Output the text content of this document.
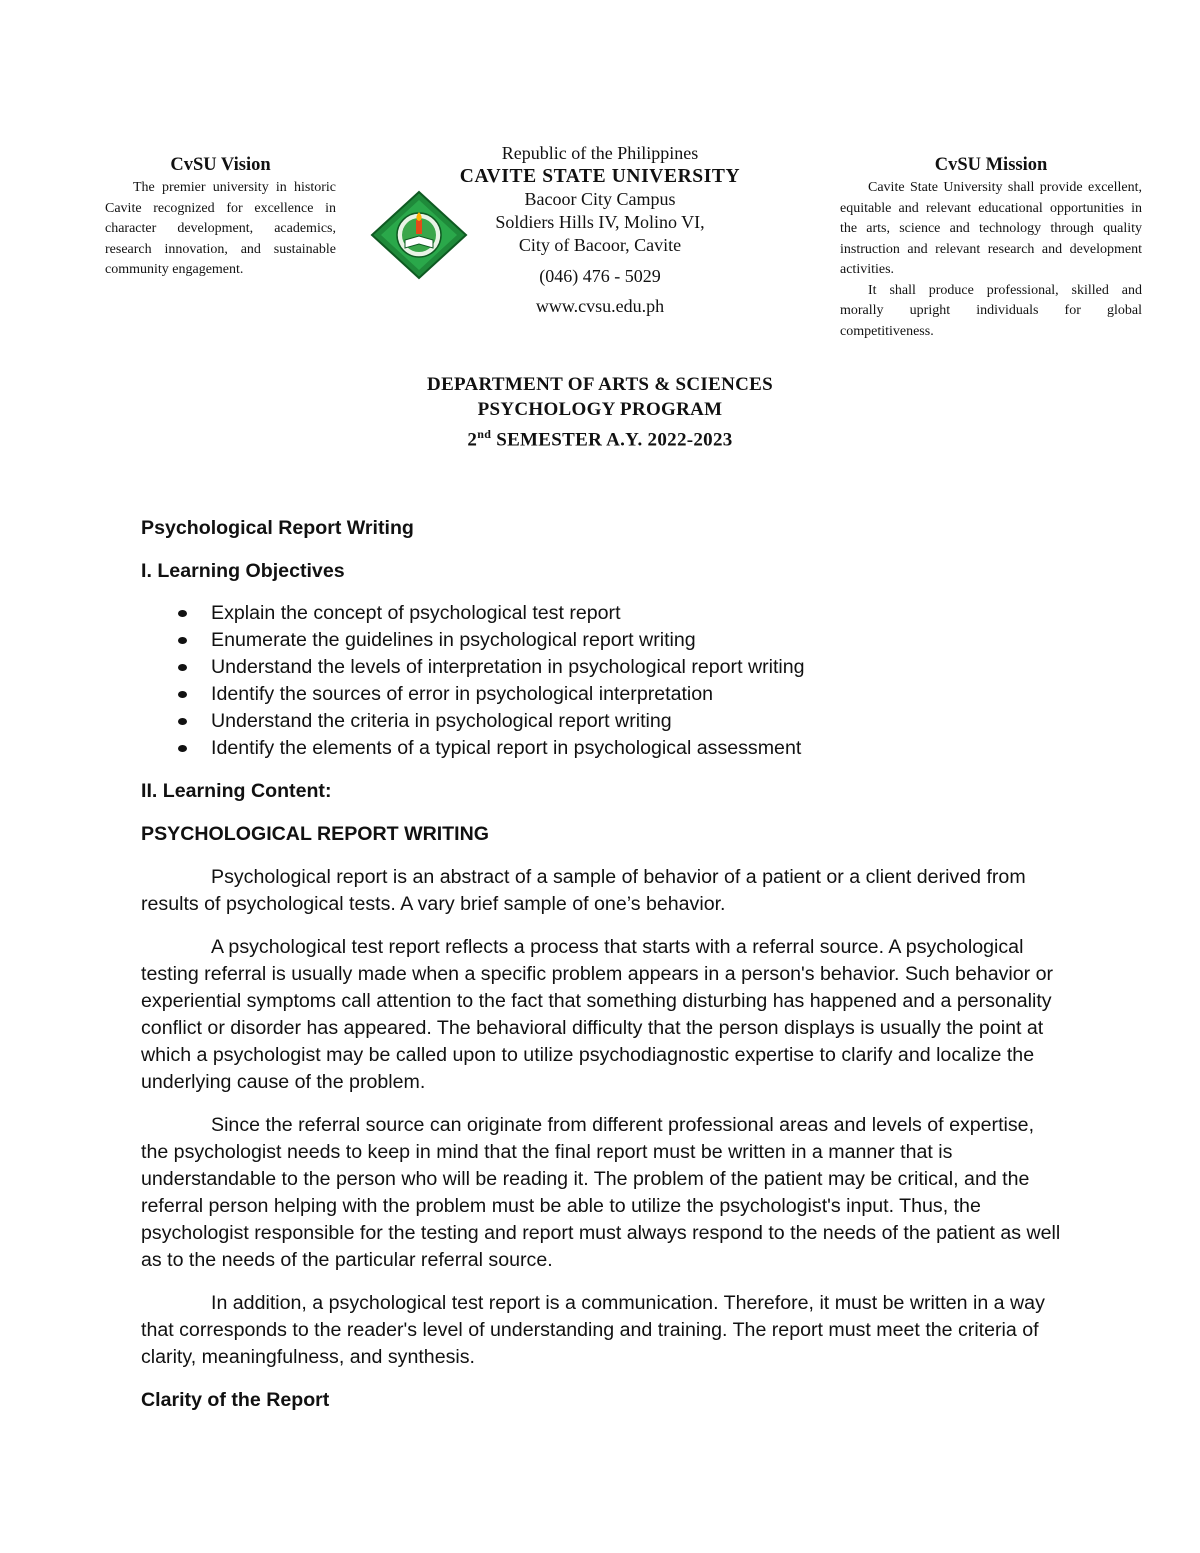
CvSU Vision

The premier university in historic Cavite recognized for excellence in character development, academics, research innovation, and sustainable community engagement.

Republic of the Philippines
CAVITE STATE UNIVERSITY
Bacoor City Campus
Soldiers Hills IV, Molino VI,
City of Bacoor, Cavite
(046) 476 - 5029
www.cvsu.edu.ph
CvSU Mission

Cavite State University shall provide excellent, equitable and relevant educational opportunities in the arts, science and technology through quality instruction and relevant research and development activities.

It shall produce professional, skilled and morally upright individuals for global competitiveness.

DEPARTMENT OF ARTS & SCIENCES
PSYCHOLOGY PROGRAM
2nd SEMESTER A.Y. 2022-2023

Psychological Report Writing

I. Learning Objectives

Explain the concept of psychological test report
Enumerate the guidelines in psychological report writing
Understand the levels of interpretation in psychological report writing
Identify the sources of error in psychological interpretation
Understand the criteria in psychological report writing
Identify the elements of a typical report in psychological assessment

II. Learning Content:

PSYCHOLOGICAL REPORT WRITING

Psychological report is an abstract of a sample of behavior of a patient or a client derived from results of psychological tests. A vary brief sample of one’s behavior.

A psychological test report reflects a process that starts with a referral source. A psychological testing referral is usually made when a specific problem appears in a person's behavior. Such behavior or experiential symptoms call attention to the fact that something disturbing has happened and a personality conflict or disorder has appeared. The behavioral difficulty that the person displays is usually the point at which a psychologist may be called upon to utilize psychodiagnostic expertise to clarify and localize the underlying cause of the problem.

Since the referral source can originate from different professional areas and levels of expertise, the psychologist needs to keep in mind that the final report must be written in a manner that is understandable to the person who will be reading it. The problem of the patient may be critical, and the referral person helping with the problem must be able to utilize the psychologist's input. Thus, the psychologist responsible for the testing and report must always respond to the needs of the patient as well as to the needs of the particular referral source.

In addition, a psychological test report is a communication. Therefore, it must be written in a way that corresponds to the reader's level of understanding and training. The report must meet the criteria of clarity, meaningfulness, and synthesis.

Clarity of the Report
